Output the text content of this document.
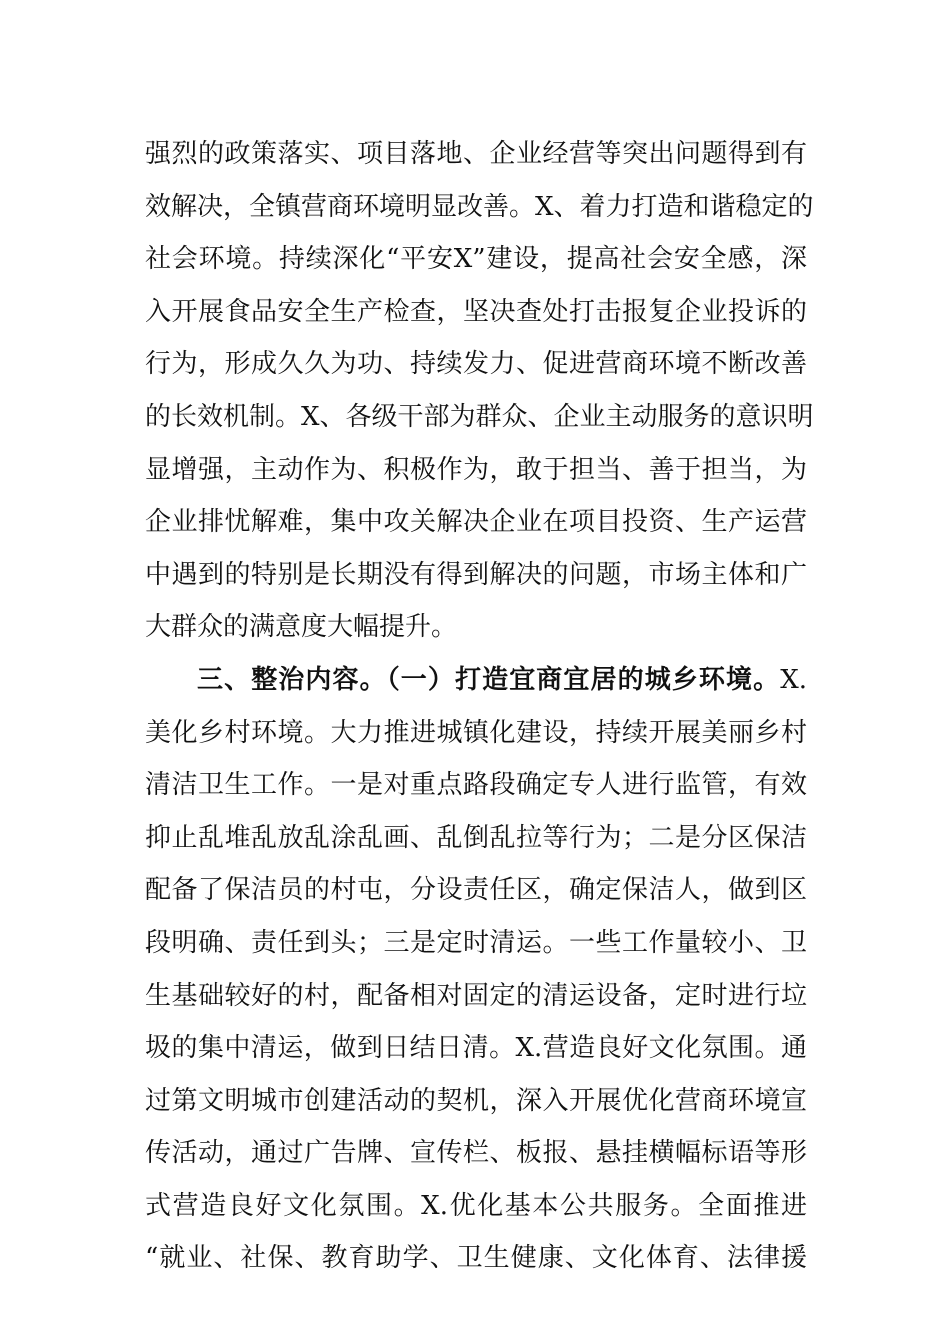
强烈的政策落实、项目落地、企业经营等突出问题得到有
效解决，全镇营商环境明显改善。X、着力打造和谐稳定的
社会环境。持续深化“平安X”建设，提高社会安全感，深
入开展食品安全生产检查，坚决查处打击报复企业投诉的
行为，形成久久为功、持续发力、促进营商环境不断改善
的长效机制。X、各级干部为群众、企业主动服务的意识明
显增强，主动作为、积极作为，敢于担当、善于担当，为
企业排忧解难，集中攻关解决企业在项目投资、生产运营
中遇到的特别是长期没有得到解决的问题，市场主体和广
大群众的满意度大幅提升。
三、整治内容。（一）打造宜商宜居的城乡环境。X.
美化乡村环境。大力推进城镇化建设，持续开展美丽乡村
清洁卫生工作。一是对重点路段确定专人进行监管，有效
抑止乱堆乱放乱涂乱画、乱倒乱拉等行为；二是分区保洁
配备了保洁员的村屯，分设责任区，确定保洁人，做到区
段明确、责任到头；三是定时清运。一些工作量较小、卫
生基础较好的村，配备相对固定的清运设备，定时进行垃
圾的集中清运，做到日结日清。X.营造良好文化氛围。通
过第文明城市创建活动的契机，深入开展优化营商环境宣
传活动，通过广告牌、宣传栏、板报、悬挂横幅标语等形
式营造良好文化氛围。X.优化基本公共服务。全面推进
“就业、社保、教育助学、卫生健康、文化体育、法律援
